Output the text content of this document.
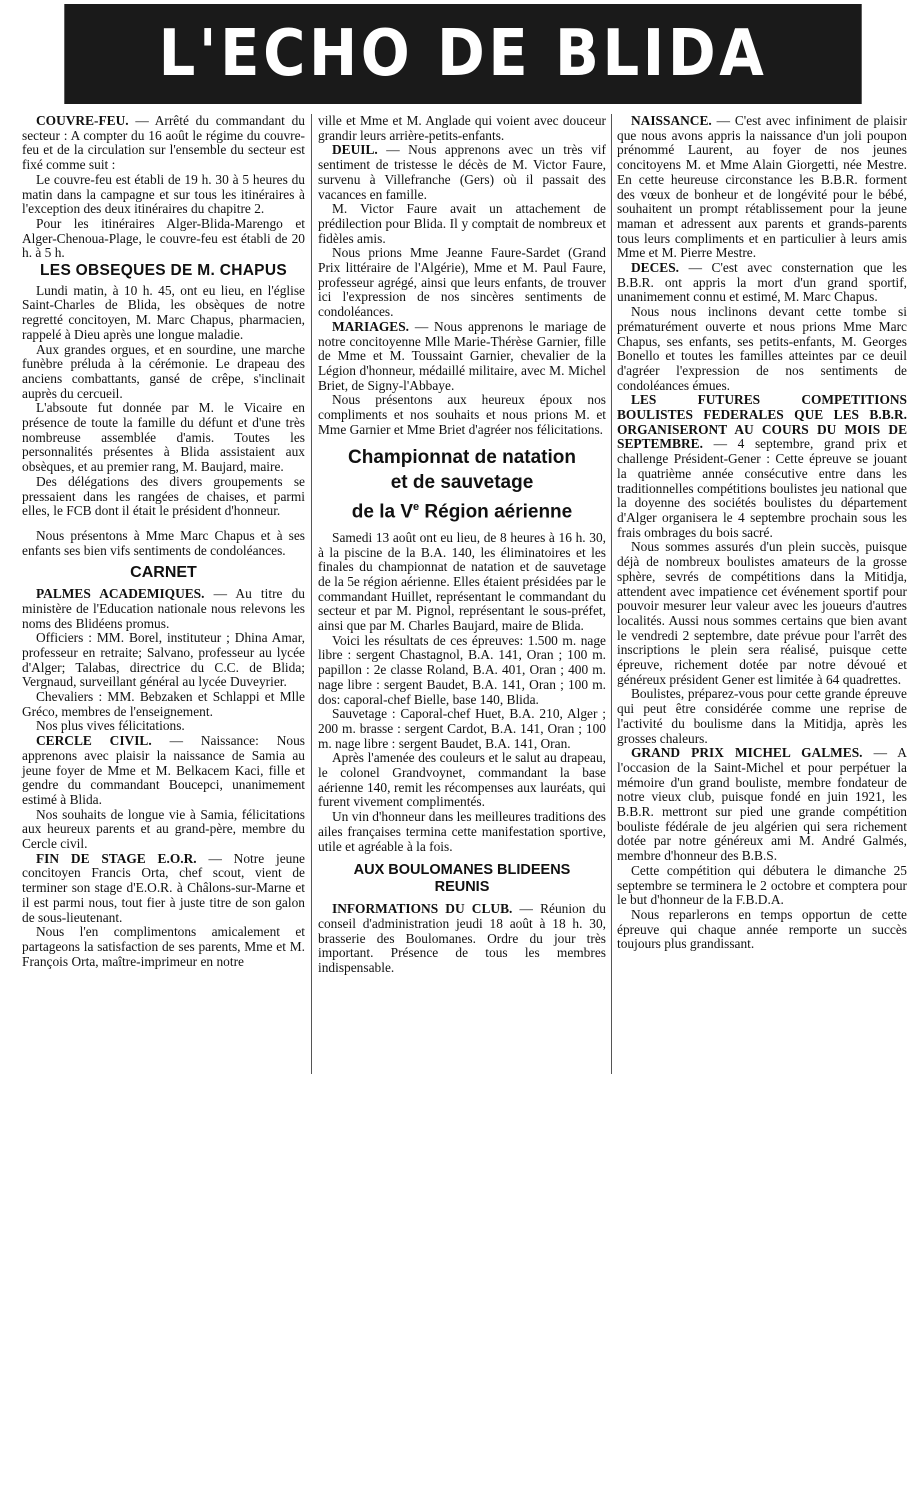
L'ECHO DE BLIDA

COUVRE-FEU. — Arrêté du commandant du secteur : A compter du 16 août le régime du couvre-feu et de la circulation sur l'ensemble du secteur est fixé comme suit :

Le couvre-feu est établi de 19 h. 30 à 5 heures du matin dans la campagne et sur tous les itinéraires à l'exception des deux itinéraires du chapitre 2.

Pour les itinéraires Alger-Blida-Marengo et Alger-Chenoua-Plage, le couvre-feu est établi de 20 h. à 5 h.

LES OBSEQUES DE M. CHAPUS

Lundi matin, à 10 h. 45, ont eu lieu, en l'église Saint-Charles de Blida, les obsèques de notre regretté concitoyen, M. Marc Chapus, pharmacien, rappelé à Dieu après une longue maladie.

Aux grandes orgues, et en sourdine, une marche funèbre préluda à la cérémonie. Le drapeau des anciens combattants, gansé de crêpe, s'inclinait auprès du cercueil.

L'absoute fut donnée par M. le Vicaire en présence de toute la famille du défunt et d'une très nombreuse assemblée d'amis. Toutes les personnalités présentes à Blida assistaient aux obsèques, et au premier rang, M. Baujard, maire.

Des délégations des divers groupements se pressaient dans les rangées de chaises, et parmi elles, le FCB dont il était le président d'honneur.

Nous présentons à Mme Marc Chapus et à ses enfants ses bien vifs sentiments de condoléances.

CARNET

PALMES ACADEMIQUES. — Au titre du ministère de l'Education nationale nous relevons les noms des Blidéens promus.

Officiers : MM. Borel, instituteur ; Dhina Amar, professeur en retraite; Salvano, professeur au lycée d'Alger; Talabas, directrice du C.C. de Blida; Vergnaud, surveillant général au lycée Duveyrier.

Chevaliers : MM. Bebzaken et Schlappi et Mlle Gréco, membres de l'enseignement.

Nos plus vives félicitations.

CERCLE CIVIL. — Naissance: Nous apprenons avec plaisir la naissance de Samia au jeune foyer de Mme et M. Belkacem Kaci, fille et gendre du commandant Boucepci, unanimement estimé à Blida.

Nos souhaits de longue vie à Samia, félicitations aux heureux parents et au grand-père, membre du Cercle civil.

FIN DE STAGE E.O.R. — Notre jeune concitoyen Francis Orta, chef scout, vient de terminer son stage d'E.O.R. à Châlons-sur-Marne et il est parmi nous, tout fier à juste titre de son galon de sous-lieutenant.

Nous l'en complimentons amicalement et partageons la satisfaction de ses parents, Mme et M. François Orta, maître-imprimeur en notre

ville et Mme et M. Anglade qui voient avec douceur grandir leurs arrière-petits-enfants.

DEUIL. — Nous apprenons avec un très vif sentiment de tristesse le décès de M. Victor Faure, survenu à Villefranche (Gers) où il passait des vacances en famille.

M. Victor Faure avait un attachement de prédilection pour Blida. Il y comptait de nombreux et fidèles amis.

Nous prions Mme Jeanne Faure-Sardet (Grand Prix littéraire de l'Algérie), Mme et M. Paul Faure, professeur agrégé, ainsi que leurs enfants, de trouver ici l'expression de nos sincères sentiments de condoléances.

MARIAGES. — Nous apprenons le mariage de notre concitoyenne Mlle Marie-Thérèse Garnier, fille de Mme et M. Toussaint Garnier, chevalier de la Légion d'honneur, médaillé militaire, avec M. Michel Briet, de Signy-l'Abbaye.

Nous présentons aux heureux époux nos compliments et nos souhaits et nous prions M. et Mme Garnier et Mme Briet d'agréer nos félicitations.

Championnat de natation
et de sauvetage
de la Ve Région aérienne

Samedi 13 août ont eu lieu, de 8 heures à 16 h. 30, à la piscine de la B.A. 140, les éliminatoires et les finales du championnat de natation et de sauvetage de la 5e région aérienne. Elles étaient présidées par le commandant Huillet, représentant le commandant du secteur et par M. Pignol, représentant le sous-préfet, ainsi que par M. Charles Baujard, maire de Blida.

Voici les résultats de ces épreuves: 1.500 m. nage libre : sergent Chastagnol, B.A. 141, Oran ; 100 m. papillon : 2e classe Roland, B.A. 401, Oran ; 400 m. nage libre : sergent Baudet, B.A. 141, Oran ; 100 m. dos: caporal-chef Bielle, base 140, Blida.

Sauvetage : Caporal-chef Huet, B.A. 210, Alger ; 200 m. brasse : sergent Cardot, B.A. 141, Oran ; 100 m. nage libre : sergent Baudet, B.A. 141, Oran.

Après l'amenée des couleurs et le salut au drapeau, le colonel Grandvoynet, commandant la base aérienne 140, remit les récompenses aux lauréats, qui furent vivement complimentés.

Un vin d'honneur dans les meilleures traditions des ailes françaises termina cette manifestation sportive, utile et agréable à la fois.

AUX BOULOMANES BLIDEENS
REUNIS

INFORMATIONS DU CLUB. — Réunion du conseil d'administration jeudi 18 août à 18 h. 30, brasserie des Boulomanes. Ordre du jour très important. Présence de tous les membres indispensable.

NAISSANCE. — C'est avec infiniment de plaisir que nous avons appris la naissance d'un joli poupon prénommé Laurent, au foyer de nos jeunes concitoyens M. et Mme Alain Giorgetti, née Mestre. En cette heureuse circonstance les B.B.R. forment des vœux de bonheur et de longévité pour le bébé, souhaitent un prompt rétablissement pour la jeune maman et adressent aux parents et grands-parents tous leurs compliments et en particulier à leurs amis Mme et M. Pierre Mestre.

DECES. — C'est avec consternation que les B.B.R. ont appris la mort d'un grand sportif, unanimement connu et estimé, M. Marc Chapus.

Nous nous inclinons devant cette tombe si prématurément ouverte et nous prions Mme Marc Chapus, ses enfants, ses petits-enfants, M. Georges Bonello et toutes les familles atteintes par ce deuil d'agréer l'expression de nos sentiments de condoléances émues.

LES FUTURES COMPETITIONS BOULISTES FEDERALES QUE LES B.B.R. ORGANISERONT AU COURS DU MOIS DE SEPTEMBRE. — 4 septembre, grand prix et challenge Président-Gener : Cette épreuve se jouant la quatrième année consécutive entre dans les traditionnelles compétitions boulistes jeu national que la doyenne des sociétés boulistes du département d'Alger organisera le 4 septembre prochain sous les frais ombrages du bois sacré.

Nous sommes assurés d'un plein succès, puisque déjà de nombreux boulistes amateurs de la grosse sphère, sevrés de compétitions dans la Mitidja, attendent avec impatience cet événement sportif pour pouvoir mesurer leur valeur avec les joueurs d'autres localités. Aussi nous sommes certains que bien avant le vendredi 2 septembre, date prévue pour l'arrêt des inscriptions le plein sera réalisé, puisque cette épreuve, richement dotée par notre dévoué et généreux président Gener est limitée à 64 quadrettes.

Boulistes, préparez-vous pour cette grande épreuve qui peut être considérée comme une reprise de l'activité du boulisme dans la Mitidja, après les grosses chaleurs.

GRAND PRIX MICHEL GALMES. — A l'occasion de la Saint-Michel et pour perpétuer la mémoire d'un grand bouliste, membre fondateur de notre vieux club, puisque fondé en juin 1921, les B.B.R. mettront sur pied une grande compétition bouliste fédérale de jeu algérien qui sera richement dotée par notre généreux ami M. André Galmés, membre d'honneur des B.B.S.

Cette compétition qui débutera le dimanche 25 septembre se terminera le 2 octobre et comptera pour le but d'honneur de la F.B.D.A.

Nous reparlerons en temps opportun de cette épreuve qui chaque année remporte un succès toujours plus grandissant.
